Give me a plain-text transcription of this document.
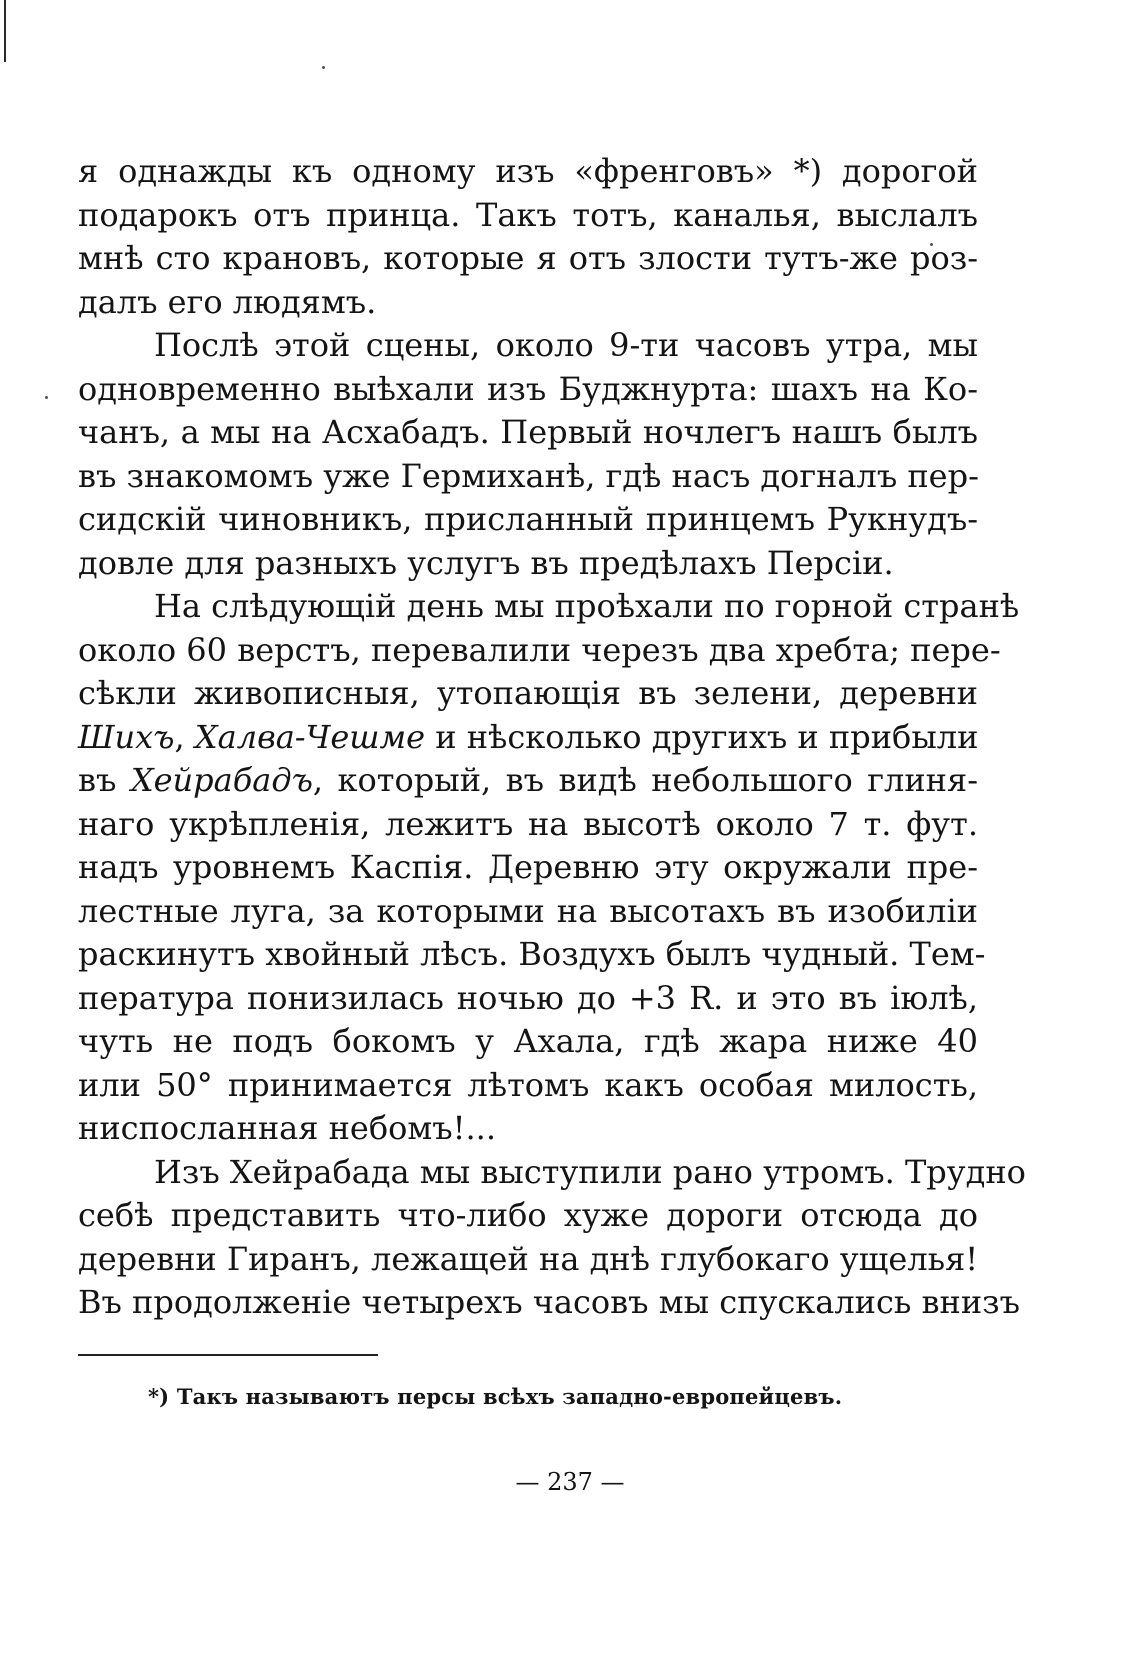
я однажды къ одному изъ «френговъ» *) дорогой
подарокъ отъ принца. Такъ тотъ, каналья, выслалъ
мнѣ сто крановъ, которые я отъ злости тутъ-же роз-
далъ его людямъ.
Послѣ этой сцены, около 9-ти часовъ утра, мы
одновременно выѣхали изъ Буджнурта: шахъ на Ко-
чанъ, а мы на Асхабадъ. Первый ночлегъ нашъ былъ
въ знакомомъ уже Гермиханѣ, гдѣ насъ догналъ пер-
сидскій чиновникъ, присланный принцемъ Рукнудъ-
довле для разныхъ услугъ въ предѣлахъ Персіи.
На слѣдующій день мы проѣхали по горной странѣ
около 60 верстъ, перевалили черезъ два хребта; пере-
сѣкли живописныя, утопающія въ зелени, деревни
Шихъ, Халва-Чешме и нѣсколько другихъ и прибыли
въ Хейрабадъ, который, въ видѣ небольшого глиня-
наго укрѣпленія, лежитъ на высотѣ около 7 т. фут.
надъ уровнемъ Каспія. Деревню эту окружали пре-
лестные луга, за которыми на высотахъ въ изобиліи
раскинутъ хвойный лѣсъ. Воздухъ былъ чудный. Тем-
пература понизилась ночью до +3 R. и это въ іюлѣ,
чуть не подъ бокомъ у Ахала, гдѣ жара ниже 40
или 50° принимается лѣтомъ какъ особая милость,
ниспосланная небомъ!...
Изъ Хейрабада мы выступили рано утромъ. Трудно
себѣ представить что-либо хуже дороги отсюда до
деревни Гиранъ, лежащей на днѣ глубокаго ущелья!
Въ продолженіе четырехъ часовъ мы спускались внизъ
*) Такъ называютъ персы всѣхъ западно-европейцевъ.
— 237 —
